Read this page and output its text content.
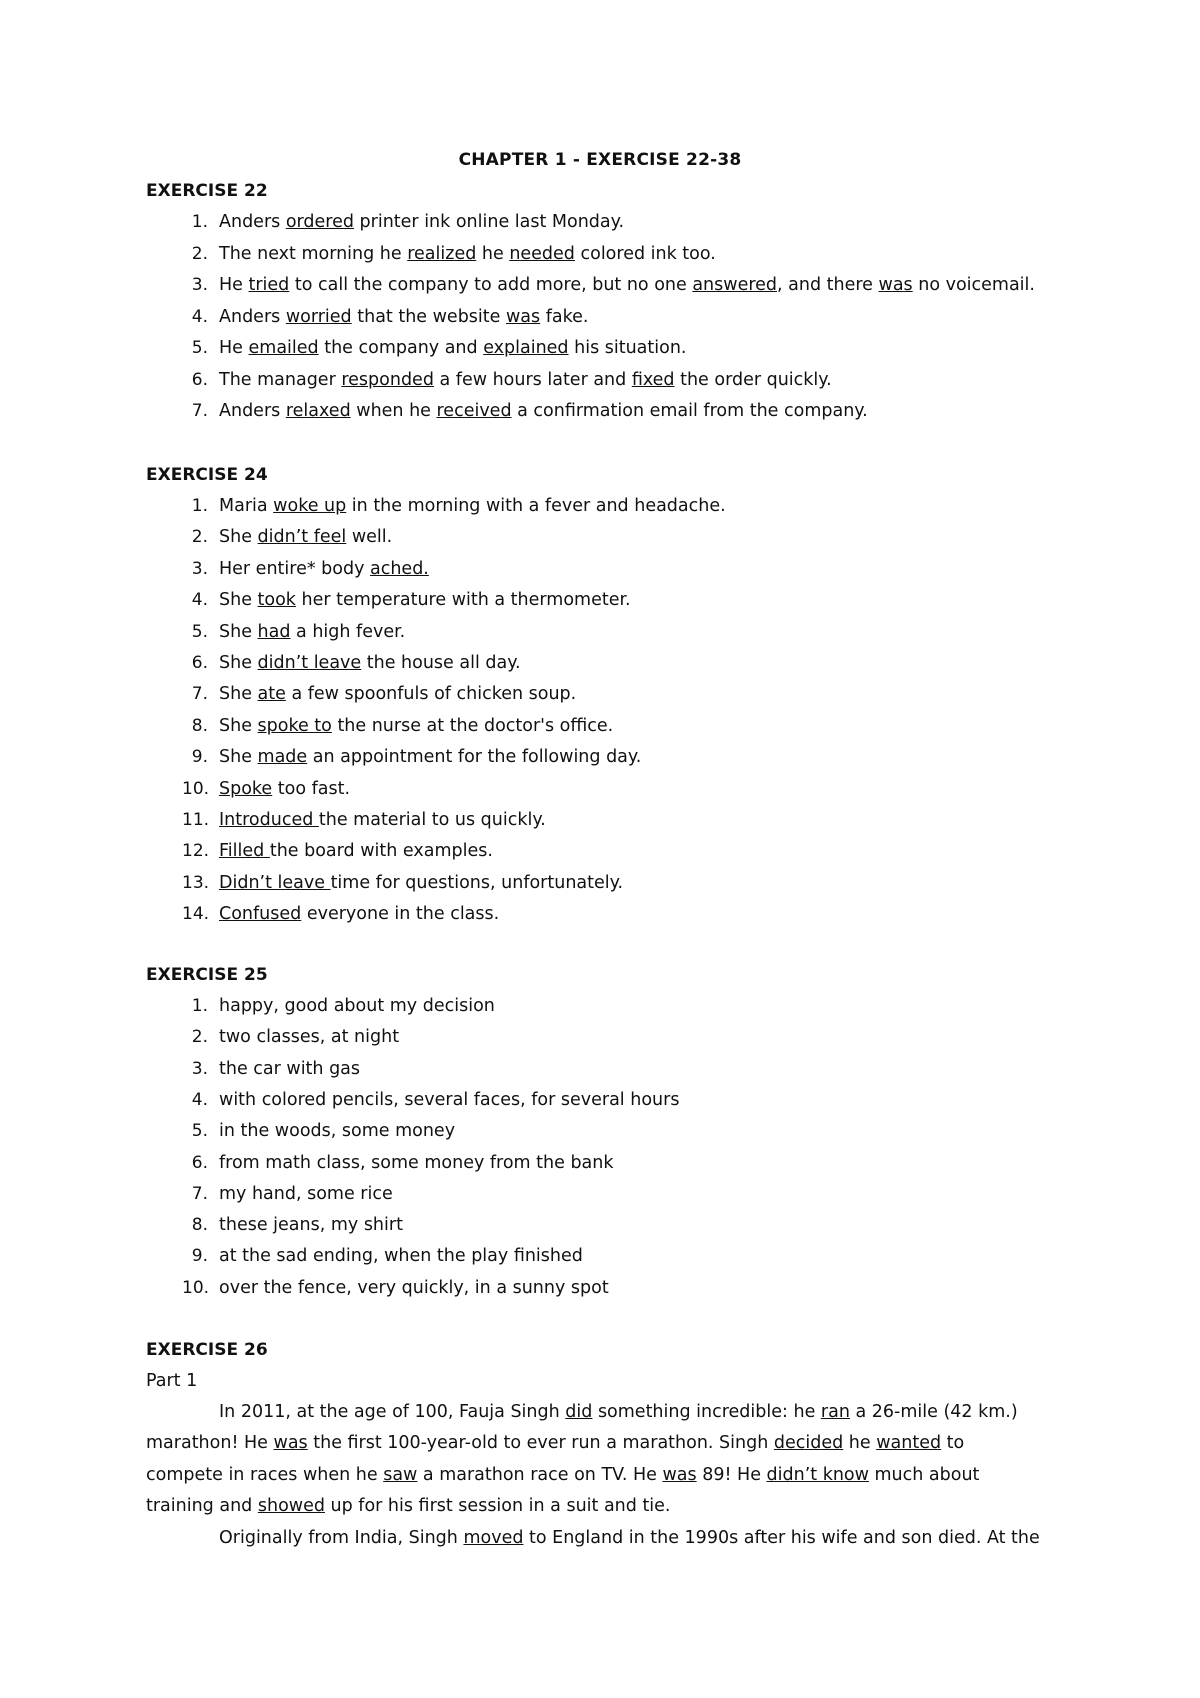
CHAPTER 1 - EXERCISE 22-38
EXERCISE 22
1. Anders ordered printer ink online last Monday.
2. The next morning he realized he needed colored ink too.
3. He tried to call the company to add more, but no one answered, and there was no voicemail.
4. Anders worried that the website was fake.
5. He emailed the company and explained his situation.
6. The manager responded a few hours later and fixed the order quickly.
7. Anders relaxed when he received a confirmation email from the company.
EXERCISE 24
1. Maria woke up in the morning with a fever and headache.
2. She didn’t feel well.
3. Her entire* body ached.
4. She took her temperature with a thermometer.
5. She had a high fever.
6. She didn’t leave the house all day.
7. She ate a few spoonfuls of chicken soup.
8. She spoke to the nurse at the doctor's office.
9. She made an appointment for the following day.
10. Spoke too fast.
11. Introduced the material to us quickly.
12. Filled the board with examples.
13. Didn’t leave time for questions, unfortunately.
14. Confused everyone in the class.
EXERCISE 25
1. happy, good about my decision
2. two classes, at night
3. the car with gas
4. with colored pencils, several faces, for several hours
5. in the woods, some money
6. from math class, some money from the bank
7. my hand, some rice
8. these jeans, my shirt
9. at the sad ending, when the play finished
10. over the fence, very quickly, in a sunny spot
EXERCISE 26
Part 1
In 2011, at the age of 100, Fauja Singh did something incredible: he ran a 26-mile (42 km.)
marathon! He was the first 100-year-old to ever run a marathon. Singh decided he wanted to
compete in races when he saw a marathon race on TV. He was 89! He didn’t know much about
training and showed up for his first session in a suit and tie.
Originally from India, Singh moved to England in the 1990s after his wife and son died. At the
